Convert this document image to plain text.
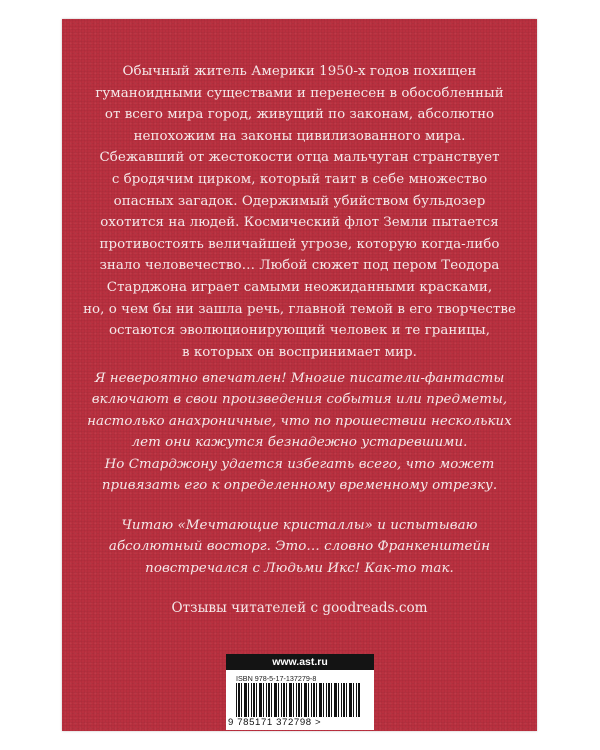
Обычный житель Америки 1950-х годов похищен
гуманоидными существами и перенесен в обособленный
от всего мира город, живущий по законам, абсолютно
непохожим на законы цивилизованного мира.
Сбежавший от жестокости отца мальчуган странствует
с бродячим цирком, который таит в себе множество
опасных загадок. Одержимый убийством бульдозер
охотится на людей. Космический флот Земли пытается
противостоять величайшей угрозе, которую когда-либо
знало человечество… Любой сюжет под пером Теодора
Старджона играет самыми неожиданными красками,
но, о чем бы ни зашла речь, главной темой в его творчестве
остаются эволюционирующий человек и те границы,
в которых он воспринимает мир.
Я невероятно впечатлен! Многие писатели-фантасты
включают в свои произведения события или предметы,
настолько анахроничные, что по прошествии нескольких
лет они кажутся безнадежно устаревшими.
Но Старджону удается избегать всего, что может
привязать его к определенному временному отрезку.
Читаю «Мечтающие кристаллы» и испытываю
абсолютный восторг. Это… словно Франкенштейн
повстречался с Людьми Икс! Как-то так.
Отзывы читателей с goodreads.com
www.ast.ru
ISBN 978-5-17-137279-8
9 785171 372798 >
